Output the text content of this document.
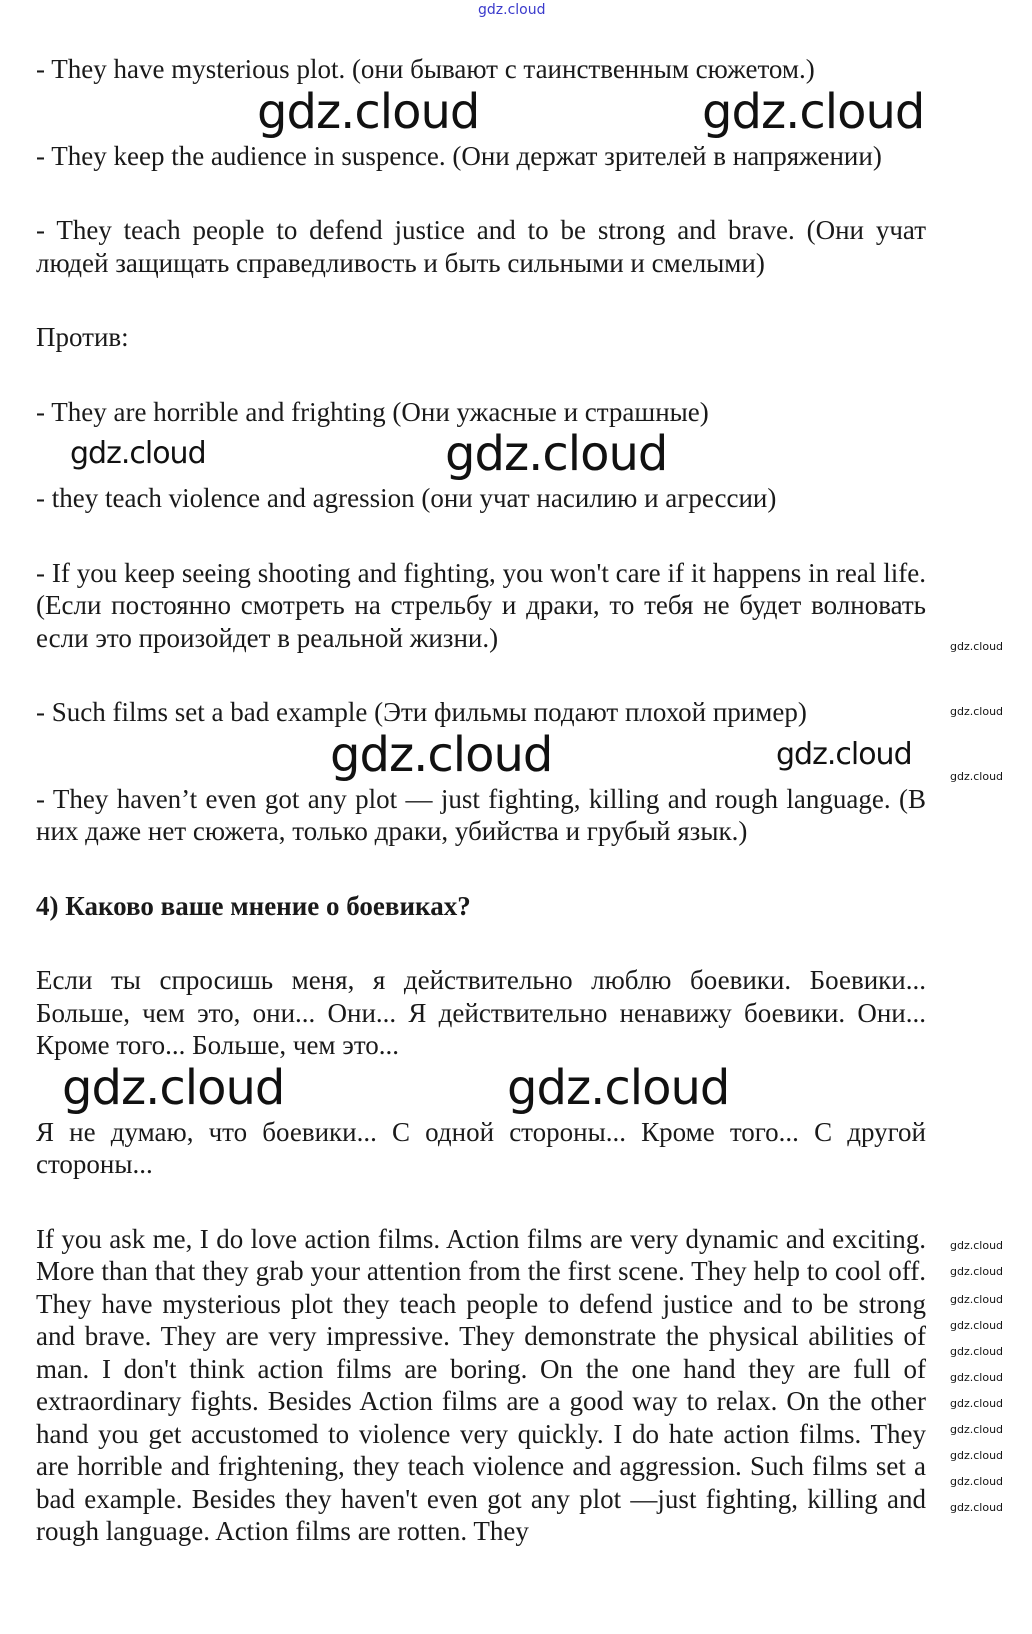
gdz.cloud

- They have mysterious plot. (они бывают с таинственным сюжетом.)

gdz.cloud	gdz.cloud

- They keep the audience in suspence. (Они держат зрителей в напряжении)

- They teach people to defend justice and to be strong and brave. (Они учат людей защищать справедливость и быть сильными и смелыми)

Против:

- They are horrible and frighting (Они ужасные и страшные)

gdz.cloud	gdz.cloud

- they teach violence and agression (они учат насилию и агрессии)

- If you keep seeing shooting and fighting, you won't care if it happens in real life. (Если постоянно смотреть на стрельбу и драки, то тебя не будет волновать если это произойдет в реальной жизни.)

- Such films set a bad example (Эти фильмы подают плохой пример)

gdz.cloud	gdz.cloud

- They haven’t even got any plot — just fighting, killing and rough language. (В них даже нет сюжета, только драки, убийства и грубый язык.)

4) Каково ваше мнение о боевиках?

Если ты спросишь меня, я действительно люблю боевики. Боевики... Больше, чем это, они... Они... Я действительно ненавижу боевики. Они... Кроме того... Больше, чем это...

gdz.cloud	gdz.cloud

Я не думаю, что боевики... С одной стороны... Кроме того... С другой стороны...

If you ask me, I do love action films. Action films are very dynamic and exciting. More than that they grab your attention from the first scene. They help to cool off. They have mysterious plot they teach people to defend justice and to be strong and brave. They are very impressive. They demonstrate the physical abilities of man. I don't think action films are boring. On the one hand they are full of extraordinary fights. Besides Action films are a good way to relax. On the other hand you get accustomed to violence very quickly. I do hate action films. They are horrible and frightening, they teach violence and aggression. Such films set a bad example. Besides they haven't even got any plot —just fighting, killing and rough language. Action films are rotten. They

gdz.cloud
gdz.cloud
gdz.cloud
gdz.cloud
gdz.cloud
gdz.cloud
gdz.cloud
gdz.cloud
gdz.cloud
gdz.cloud
gdz.cloud
gdz.cloud
gdz.cloud
gdz.cloud
